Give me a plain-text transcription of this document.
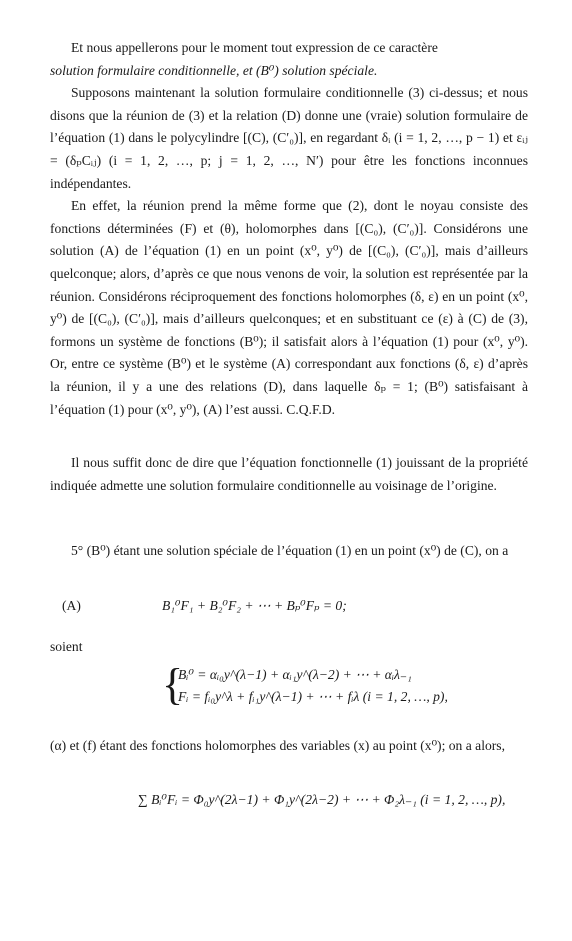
Et nous appellerons pour le moment tout expression de ce caractère

solution formulaire conditionnelle, et (B⁰) solution spéciale.

Supposons maintenant la solution formulaire conditionnelle (3) ci-dessus; et nous disons que la réunion de (3) et la relation (D) donne une (vraie) solution formulaire de l’équation (1) dans le polycylindre [(C), (C′₀)], en regardant δᵢ (i = 1, 2, …, p − 1) et εᵢⱼ = (δₚCᵢⱼ) (i = 1, 2, …, p; j = 1, 2, …, N′) pour être les fonctions inconnues indépendantes.

En effet, la réunion prend la même forme que (2), dont le noyau consiste des fonctions déterminées (F) et (θ), holomorphes dans [(C₀), (C′₀)]. Considérons une solution (A) de l’équation (1) en un point (x⁰, y⁰) de [(C₀), (C′₀)], mais d’ailleurs quelconque; alors, d’après ce que nous venons de voir, la solution est représentée par la réunion. Considérons réciproquement des fonctions holomorphes (δ, ε) en un point (x⁰, y⁰) de [(C₀), (C′₀)], mais d’ailleurs quelconques; et en substituant ce (ε) à (C) de (3), formons un système de fonctions (B⁰); il satisfait alors à l’équation (1) pour (x⁰, y⁰). Or, entre ce système (B⁰) et le système (A) correspondant aux fonctions (δ, ε) d’après la réunion, il y a une des relations (D), dans laquelle δₚ = 1; (B⁰) satisfaisant à l’équation (1) pour (x⁰, y⁰), (A) l’est aussi. C.Q.F.D.

Il nous suffit donc de dire que l’équation fonctionnelle (1) jouissant de la propriété indiquée admette une solution formulaire conditionnelle au voisinage de l’origine.

5° (B⁰) étant une solution spéciale de l’équation (1) en un point (x⁰) de (C), on a

(A)	B₁⁰F₁ + B₂⁰F₂ + ⋯ + Bₚ⁰Fₚ = 0;

soient

{
Bᵢ⁰ = αᵢ₀y^(λ−1) + αᵢ₁y^(λ−2) + ⋯ + αᵢλ₋₁
Fᵢ = fᵢ₀y^λ + fᵢ₁y^(λ−1) + ⋯ + fᵢλ (i = 1, 2, …, p),

(α) et (f) étant des fonctions holomorphes des variables (x) au point (x⁰); on a alors,

∑ Bᵢ⁰Fᵢ = Φ₀y^(2λ−1) + Φ₁y^(2λ−2) + ⋯ + Φ₂λ₋₁ (i = 1, 2, …, p),
